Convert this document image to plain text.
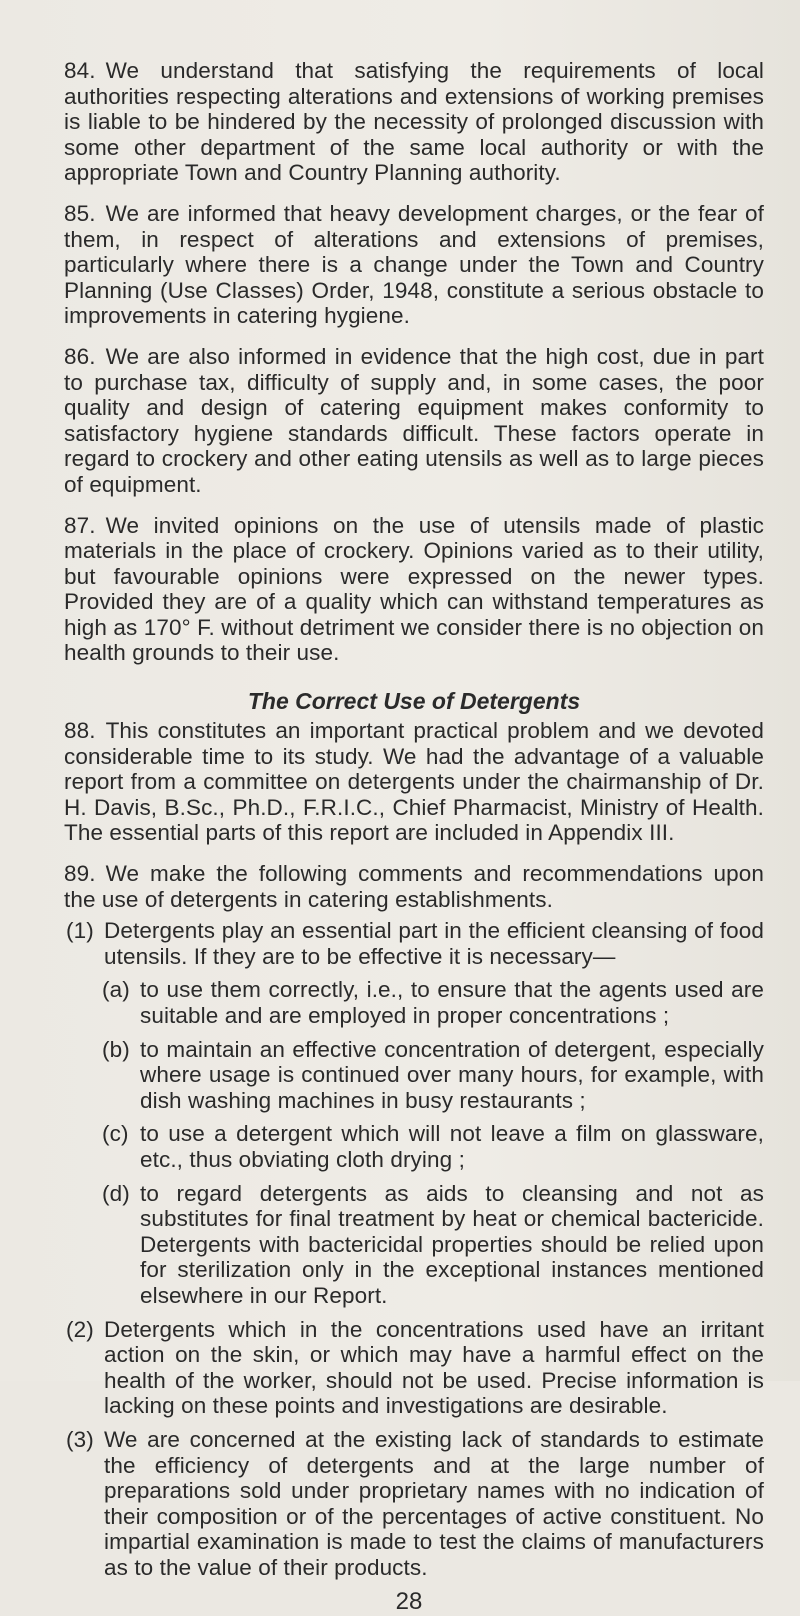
84. We understand that satisfying the requirements of local authorities respecting alterations and extensions of working premises is liable to be hindered by the necessity of prolonged discussion with some other department of the same local authority or with the appropriate Town and Country Planning authority.

85. We are informed that heavy development charges, or the fear of them, in respect of alterations and extensions of premises, particularly where there is a change under the Town and Country Planning (Use Classes) Order, 1948, constitute a serious obstacle to improvements in catering hygiene.

86. We are also informed in evidence that the high cost, due in part to purchase tax, difficulty of supply and, in some cases, the poor quality and design of catering equipment makes conformity to satisfactory hygiene standards difficult. These factors operate in regard to crockery and other eating utensils as well as to large pieces of equipment.

87. We invited opinions on the use of utensils made of plastic materials in the place of crockery. Opinions varied as to their utility, but favourable opinions were expressed on the newer types. Provided they are of a quality which can withstand temperatures as high as 170° F. without detriment we consider there is no objection on health grounds to their use.

The Correct Use of Detergents

88. This constitutes an important practical problem and we devoted considerable time to its study. We had the advantage of a valuable report from a committee on detergents under the chairmanship of Dr. H. Davis, B.Sc., Ph.D., F.R.I.C., Chief Pharmacist, Ministry of Health. The essential parts of this report are included in Appendix III.

89. We make the following comments and recommendations upon the use of detergents in catering establishments.

(1) Detergents play an essential part in the efficient cleansing of food utensils. If they are to be effective it is necessary—
(a) to use them correctly, i.e., to ensure that the agents used are suitable and are employed in proper concentrations ;
(b) to maintain an effective concentration of detergent, especially where usage is continued over many hours, for example, with dish washing machines in busy restaurants ;
(c) to use a detergent which will not leave a film on glassware, etc., thus obviating cloth drying ;
(d) to regard detergents as aids to cleansing and not as substitutes for final treatment by heat or chemical bactericide. Detergents with bactericidal properties should be relied upon for sterilization only in the exceptional instances mentioned elsewhere in our Report.
(2) Detergents which in the concentrations used have an irritant action on the skin, or which may have a harmful effect on the health of the worker, should not be used. Precise information is lacking on these points and investigations are desirable.
(3) We are concerned at the existing lack of standards to estimate the efficiency of detergents and at the large number of preparations sold under proprietary names with no indication of their composition or of the percentages of active constituent. No impartial examination is made to test the claims of manufacturers as to the value of their products.
28
